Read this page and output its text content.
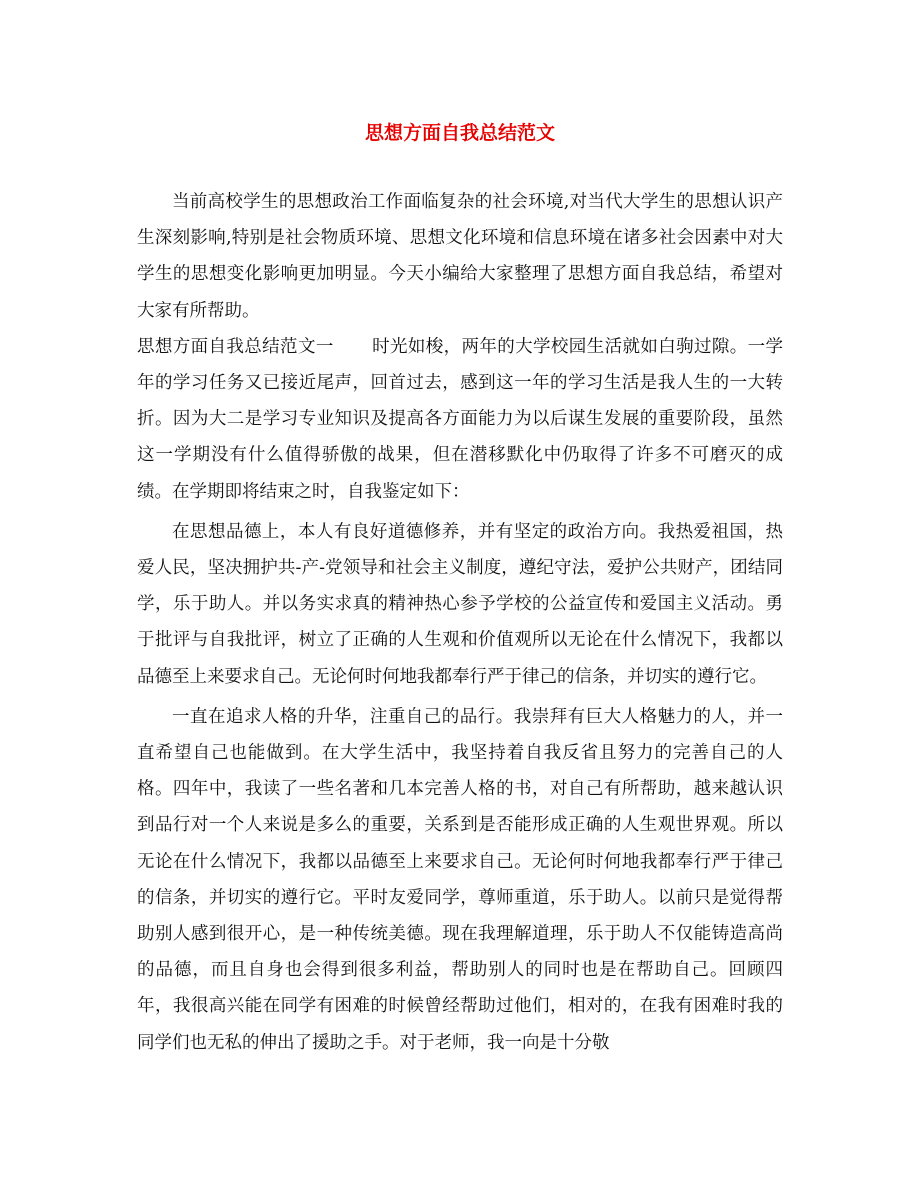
思想方面自我总结范文

当前高校学生的思想政治工作面临复杂的社会环境,对当代大学生的思想认识产生深刻影响,特别是社会物质环境、思想文化环境和信息环境在诸多社会因素中对大学生的思想变化影响更加明显。今天小编给大家整理了思想方面自我总结，希望对大家有所帮助。

思想方面自我总结范文一 时光如梭，两年的大学校园生活就如白驹过隙。一学年的学习任务又已接近尾声，回首过去，感到这一年的学习生活是我人生的一大转折。因为大二是学习专业知识及提高各方面能力为以后谋生发展的重要阶段，虽然这一学期没有什么值得骄傲的战果，但在潜移默化中仍取得了许多不可磨灭的成绩。在学期即将结束之时，自我鉴定如下：

在思想品德上，本人有良好道德修养，并有坚定的政治方向。我热爱祖国，热爱人民，坚决拥护共-产-党领导和社会主义制度，遵纪守法，爱护公共财产，团结同学，乐于助人。并以务实求真的精神热心参予学校的公益宣传和爱国主义活动。勇于批评与自我批评，树立了正确的人生观和价值观所以无论在什么情况下，我都以品德至上来要求自己。无论何时何地我都奉行严于律己的信条，并切实的遵行它。

一直在追求人格的升华，注重自己的品行。我崇拜有巨大人格魅力的人，并一直希望自己也能做到。在大学生活中，我坚持着自我反省且努力的完善自己的人格。四年中，我读了一些名著和几本完善人格的书，对自己有所帮助，越来越认识到品行对一个人来说是多么的重要，关系到是否能形成正确的人生观世界观。所以无论在什么情况下，我都以品德至上来要求自己。无论何时何地我都奉行严于律己的信条，并切实的遵行它。平时友爱同学，尊师重道，乐于助人。以前只是觉得帮助别人感到很开心，是一种传统美德。现在我理解道理，乐于助人不仅能铸造高尚的品德，而且自身也会得到很多利益，帮助别人的同时也是在帮助自己。回顾四年，我很高兴能在同学有困难的时候曾经帮助过他们，相对的，在我有困难时我的同学们也无私的伸出了援助之手。对于老师，我一向是十分敬
